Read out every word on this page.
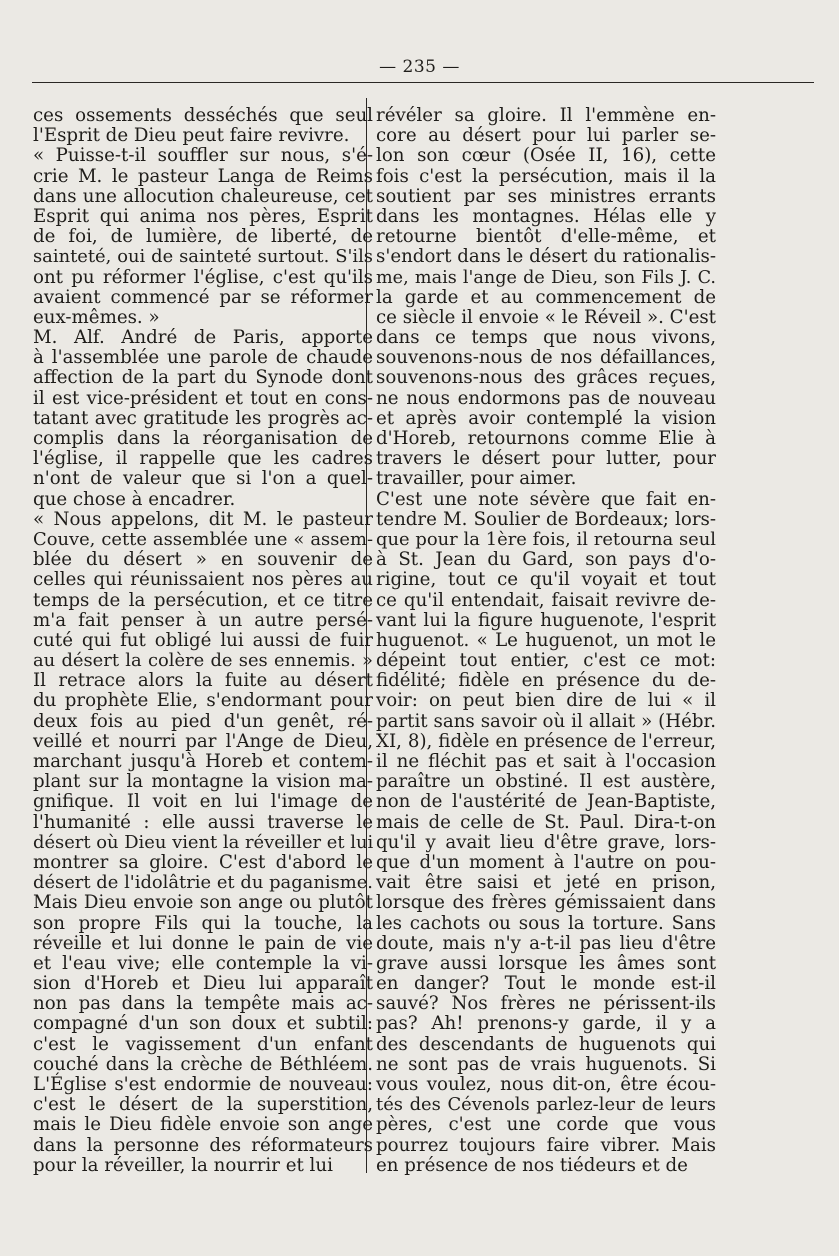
— 235 —
ces ossements desséchés que seul
l'Esprit de Dieu peut faire revivre.
« Puisse-t-il souffler sur nous, s'é-
crie M. le pasteur Langa de Reims
dans une allocution chaleureuse, cet
Esprit qui anima nos pères, Esprit
de foi, de lumière, de liberté, de
sainteté, oui de sainteté surtout. S'ils
ont pu réformer l'église, c'est qu'ils
avaient commencé par se réformer
eux-mêmes. »
M. Alf. André de Paris, apporte
à l'assemblée une parole de chaude
affection de la part du Synode dont
il est vice-président et tout en cons-
tatant avec gratitude les progrès ac-
complis dans la réorganisation de
l'église, il rappelle que les cadres
n'ont de valeur que si l'on a quel-
que chose à encadrer.
« Nous appelons, dit M. le pasteur
Couve, cette assemblée une « assem-
blée du désert » en souvenir de
celles qui réunissaient nos pères au
temps de la persécution, et ce titre
m'a fait penser à un autre persé-
cuté qui fut obligé lui aussi de fuir
au désert la colère de ses ennemis. »
Il retrace alors la fuite au désert
du prophète Elie, s'endormant pour
deux fois au pied d'un genêt, ré-
veillé et nourri par l'Ange de Dieu,
marchant jusqu'à Horeb et contem-
plant sur la montagne la vision ma-
gnifique. Il voit en lui l'image de
l'humanité : elle aussi traverse le
désert où Dieu vient la réveiller et lui
montrer sa gloire. C'est d'abord le
désert de l'idolâtrie et du paganisme.
Mais Dieu envoie son ange ou plutôt
son propre Fils qui la touche, la
réveille et lui donne le pain de vie
et l'eau vive; elle contemple la vi-
sion d'Horeb et Dieu lui apparaît
non pas dans la tempête mais ac-
compagné d'un son doux et subtil:
c'est le vagissement d'un enfant
couché dans la crèche de Béthléem.
L'Église s'est endormie de nouveau:
c'est le désert de la superstition,
mais le Dieu fidèle envoie son ange
dans la personne des réformateurs
pour la réveiller, la nourrir et lui
révéler sa gloire. Il l'emmène en-
core au désert pour lui parler se-
lon son cœur (Osée II, 16), cette
fois c'est la persécution, mais il la
soutient par ses ministres errants
dans les montagnes. Hélas elle y
retourne bientôt d'elle-même, et
s'endort dans le désert du rationalis-
me, mais l'ange de Dieu, son Fils J. C.
la garde et au commencement de
ce siècle il envoie « le Réveil ». C'est
dans ce temps que nous vivons,
souvenons-nous de nos défaillances,
souvenons-nous des grâces reçues,
ne nous endormons pas de nouveau
et après avoir contemplé la vision
d'Horeb, retournons comme Elie à
travers le désert pour lutter, pour
travailler, pour aimer.
C'est une note sévère que fait en-
tendre M. Soulier de Bordeaux; lors-
que pour la 1ère fois, il retourna seul
à St. Jean du Gard, son pays d'o-
rigine, tout ce qu'il voyait et tout
ce qu'il entendait, faisait revivre de-
vant lui la figure huguenote, l'esprit
huguenot. « Le huguenot, un mot le
dépeint tout entier, c'est ce mot:
fidélité; fidèle en présence du de-
voir: on peut bien dire de lui « il
partit sans savoir où il allait » (Hébr.
XI, 8), fidèle en présence de l'erreur,
il ne fléchit pas et sait à l'occasion
paraître un obstiné. Il est austère,
non de l'austérité de Jean-Baptiste,
mais de celle de St. Paul. Dira-t-on
qu'il y avait lieu d'être grave, lors-
que d'un moment à l'autre on pou-
vait être saisi et jeté en prison,
lorsque des frères gémissaient dans
les cachots ou sous la torture. Sans
doute, mais n'y a-t-il pas lieu d'être
grave aussi lorsque les âmes sont
en danger? Tout le monde est-il
sauvé? Nos frères ne périssent-ils
pas? Ah! prenons-y garde, il y a
des descendants de huguenots qui
ne sont pas de vrais huguenots. Si
vous voulez, nous dit-on, être écou-
tés des Cévenols parlez-leur de leurs
pères, c'est une corde que vous
pourrez toujours faire vibrer. Mais
en présence de nos tiédeurs et de
